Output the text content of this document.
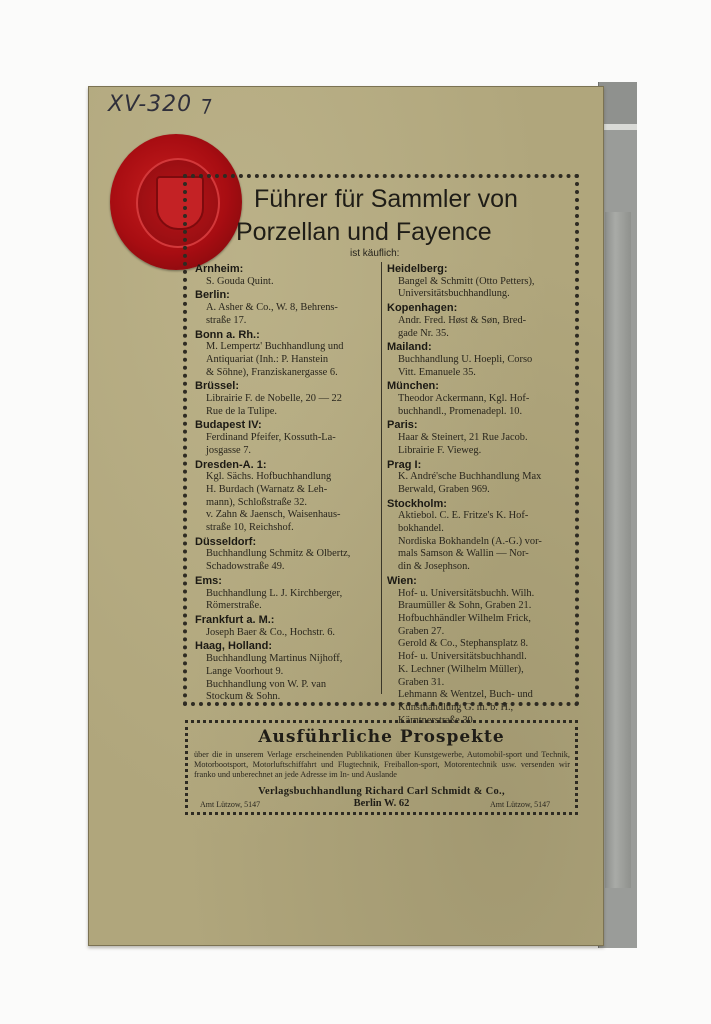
XV-320 ⁊
Führer für Sammler von
Porzellan und Fayence
ist käuflich:
Arnheim:
S. Gouda Quint.
Berlin:
A. Asher & Co., W. 8, Behrens-
straße 17.
Bonn a. Rh.:
M. Lempertz' Buchhandlung und
Antiquariat (Inh.: P. Hanstein
& Söhne), Franziskanergasse 6.
Brüssel:
Librairie F. de Nobelle, 20 — 22
Rue de la Tulipe.
Budapest IV:
Ferdinand Pfeifer, Kossuth-La-
josgasse 7.
Dresden-A. 1:
Kgl. Sächs. Hofbuchhandlung
H. Burdach (Warnatz & Leh-
mann), Schloßstraße 32.
v. Zahn & Jaensch, Waisenhaus-
straße 10, Reichshof.
Düsseldorf:
Buchhandlung Schmitz & Olbertz,
Schadowstraße 49.
Ems:
Buchhandlung L. J. Kirchberger,
Römerstraße.
Frankfurt a. M.:
Joseph Baer & Co., Hochstr. 6.
Haag, Holland:
Buchhandlung Martinus Nijhoff,
Lange Voorhout 9.
Buchhandlung von W. P. van
Stockum & Sohn.
Heidelberg:
Bangel & Schmitt (Otto Petters),
Universitätsbuchhandlung.
Kopenhagen:
Andr. Fred. Høst & Søn, Bred-
gade Nr. 35.
Mailand:
Buchhandlung U. Hoepli, Corso
Vitt. Emanuele 35.
München:
Theodor Ackermann, Kgl. Hof-
buchhandl., Promenadepl. 10.
Paris:
Haar & Steinert, 21 Rue Jacob.
Librairie F. Vieweg.
Prag I:
K. André'sche Buchhandlung Max
Berwald, Graben 969.
Stockholm:
Aktiebol. C. E. Fritze's K. Hof-
bokhandel.
Nordiska Bokhandeln (A.-G.) vor-
mals Samson & Wallin — Nor-
din & Josephson.
Wien:
Hof- u. Universitätsbuchh. Wilh.
Braumüller & Sohn, Graben 21.
Hofbuchhändler Wilhelm Frick,
Graben 27.
Gerold & Co., Stephansplatz 8.
Hof- u. Universitätsbuchhandl.
K. Lechner (Wilhelm Müller),
Graben 31.
Lehmann & Wentzel, Buch- und
Kunsthandlung G. m. b. H.,
Kärntnerstraße 30.
Ausführliche Prospekte
über die in unserem Verlage erscheinenden Publikationen über Kunstgewerbe, Automobil-sport und Technik, Motorbootsport, Motorluftschiffahrt und Flugtechnik, Freiballon-sport, Motorentechnik usw. versenden wir franko und unberechnet an jede Adresse im In- und Auslande
Verlagsbuchhandlung Richard Carl Schmidt & Co.,
Berlin W. 62
Amt Lützow, 5147	Amt Lützow, 5147
